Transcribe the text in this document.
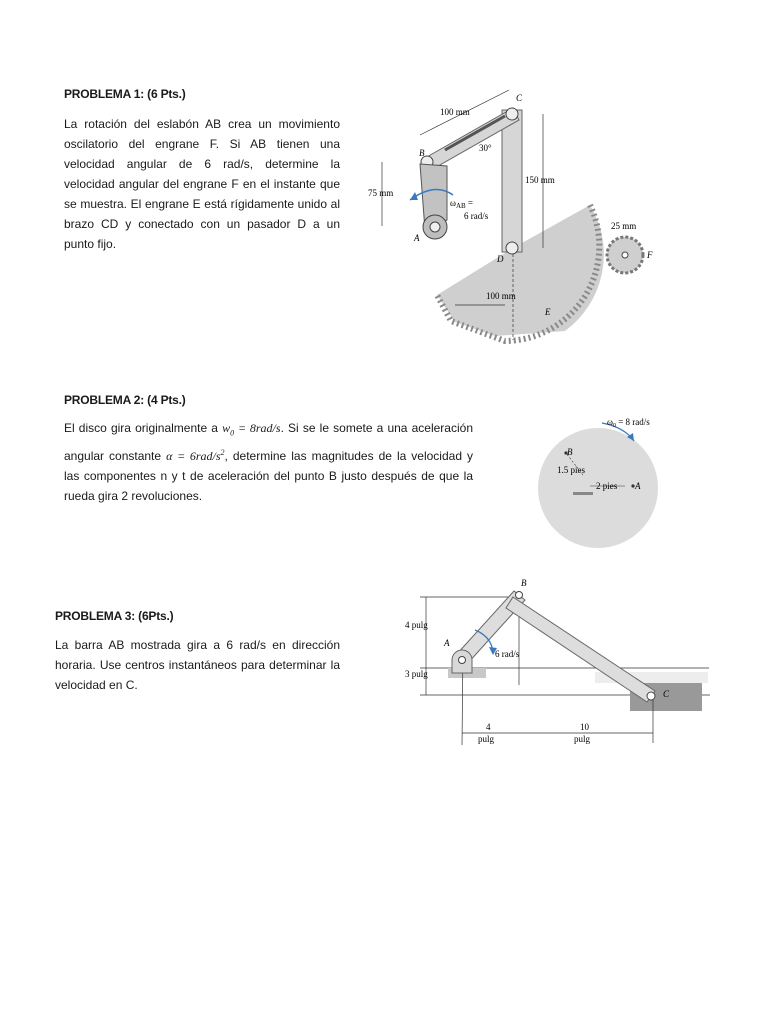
PROBLEMA 1: (6 Pts.)

La rotación del eslabón AB crea un movimiento oscilatorio del engrane F. Si AB tienen una velocidad angular de 6 rad/s, determine la velocidad angular del engrane F en el instante que se muestra. El engrane E está rígidamente unido al brazo CD y conectado con un pasador D a un punto fijo.

100 mm
C
B	30°
150 mm
75 mm
$\omega_{AB}$ =
6 rad/s
A
25 mm
F
D
100 mm
E
PROBLEMA 2: (4 Pts.)

El disco gira originalmente a $w_0 = 8rad/s$. Si se le somete a una aceleración angular constante $\alpha = 6rad/s^2$, determine las magnitudes de la velocidad y las componentes n y t de aceleración del punto B justo después de que la rueda gira 2 revoluciones.

$\omega_0 = 8$ rad/s
B
1.5 pies
2 pies A
PROBLEMA 3: (6Pts.)

La barra AB mostrada gira a 6 rad/s en dirección horaria. Use centros instantáneos para determinar la velocidad en C.

B
4 pulg
A
6 rad/s
3 pulg
C
4
pulg
10
pulg
